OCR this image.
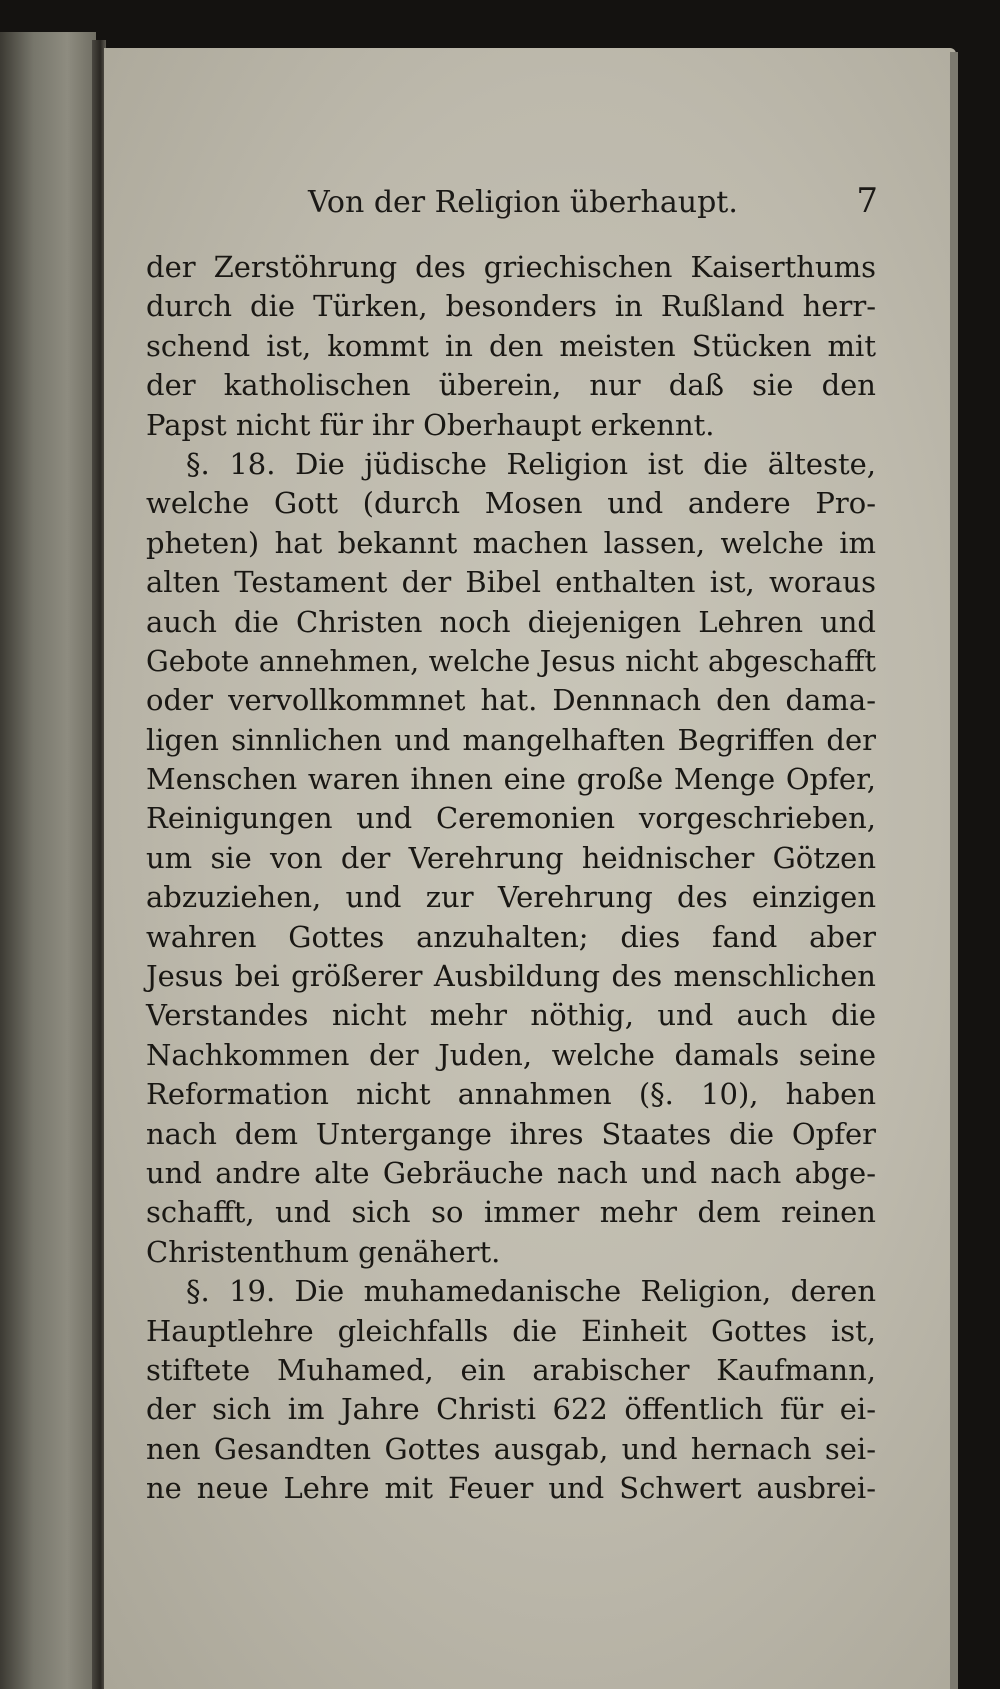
Von der Religion überhaupt.	7
der Zerstöhrung des griechischen Kaiserthums
durch die Türken, besonders in Rußland herr-
schend ist, kommt in den meisten Stücken mit
der katholischen überein, nur daß sie den
Papst nicht für ihr Oberhaupt erkennt.
§. 18. Die jüdische Religion ist die älteste,
welche Gott (durch Mosen und andere Pro-
pheten) hat bekannt machen lassen, welche im
alten Testament der Bibel enthalten ist, woraus
auch die Christen noch diejenigen Lehren und
Gebote annehmen, welche Jesus nicht abgeschafft
oder vervollkommnet hat. Dennnach den dama-
ligen sinnlichen und mangelhaften Begriffen der
Menschen waren ihnen eine große Menge Opfer,
Reinigungen und Ceremonien vorgeschrieben,
um sie von der Verehrung heidnischer Götzen
abzuziehen, und zur Verehrung des einzigen
wahren Gottes anzuhalten; dies fand aber
Jesus bei größerer Ausbildung des menschlichen
Verstandes nicht mehr nöthig, und auch die
Nachkommen der Juden, welche damals seine
Reformation nicht annahmen (§. 10), haben
nach dem Untergange ihres Staates die Opfer
und andre alte Gebräuche nach und nach abge-
schafft, und sich so immer mehr dem reinen
Christenthum genähert.
§. 19. Die muhamedanische Religion, deren
Hauptlehre gleichfalls die Einheit Gottes ist,
stiftete Muhamed, ein arabischer Kaufmann,
der sich im Jahre Christi 622 öffentlich für ei-
nen Gesandten Gottes ausgab, und hernach sei-
ne neue Lehre mit Feuer und Schwert ausbrei-
